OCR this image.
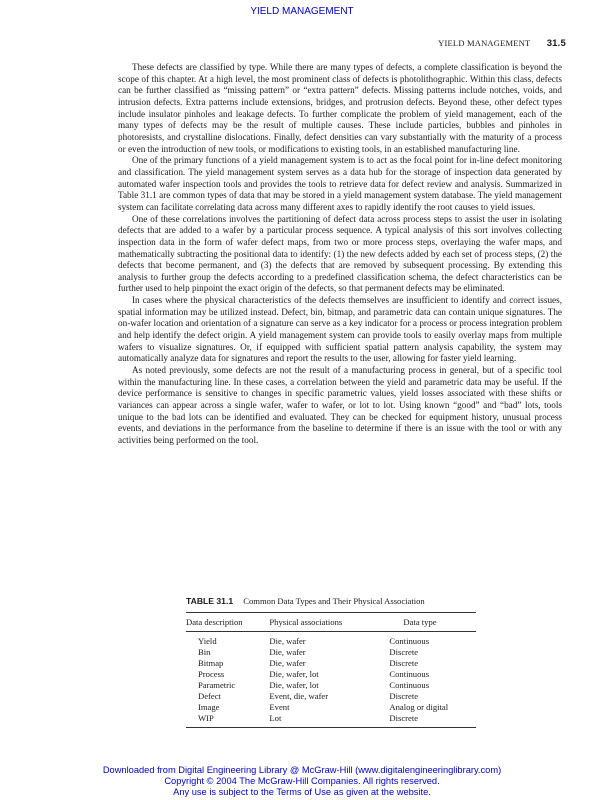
YIELD MANAGEMENT
YIELD MANAGEMENT 31.5

These defects are classified by type. While there are many types of defects, a complete classification is beyond the scope of this chapter. At a high level, the most prominent class of defects is photolithographic. Within this class, defects can be further classified as “missing pattern” or “extra pattern” defects. Missing patterns include notches, voids, and intrusion defects. Extra patterns include extensions, bridges, and protrusion defects. Beyond these, other defect types include insulator pinholes and leakage defects. To further complicate the problem of yield management, each of the many types of defects may be the result of multiple causes. These include particles, bubbles and pinholes in photoresists, and crystalline dislocations. Finally, defect densities can vary substantially with the maturity of a process or even the introduction of new tools, or modifications to existing tools, in an established manufacturing line.

One of the primary functions of a yield management system is to act as the focal point for in-line defect monitoring and classification. The yield management system serves as a data hub for the storage of inspection data generated by automated wafer inspection tools and provides the tools to retrieve data for defect review and analysis. Summarized in Table 31.1 are common types of data that may be stored in a yield management system database. The yield management system can facilitate correlating data across many different axes to rapidly identify the root causes to yield issues.

One of these correlations involves the partitioning of defect data across process steps to assist the user in isolating defects that are added to a wafer by a particular process sequence. A typical analysis of this sort involves collecting inspection data in the form of wafer defect maps, from two or more process steps, overlaying the wafer maps, and mathematically subtracting the positional data to identify: (1) the new defects added by each set of process steps, (2) the defects that become permanent, and (3) the defects that are removed by subsequent processing. By extending this analysis to further group the defects according to a predefined classification schema, the defect characteristics can be further used to help pinpoint the exact origin of the defects, so that permanent defects may be eliminated.

In cases where the physical characteristics of the defects themselves are insufficient to identify and correct issues, spatial information may be utilized instead. Defect, bin, bitmap, and parametric data can contain unique signatures. The on-wafer location and orientation of a signature can serve as a key indicator for a process or process integration problem and help identify the defect origin. A yield management system can provide tools to easily overlay maps from multiple wafers to visualize signatures. Or, if equipped with sufficient spatial pattern analysis capability, the system may automatically analyze data for signatures and report the results to the user, allowing for faster yield learning.

As noted previously, some defects are not the result of a manufacturing process in general, but of a specific tool within the manufacturing line. In these cases, a correlation between the yield and parametric data may be useful. If the device performance is sensitive to changes in specific parametric values, yield losses associated with these shifts or variances can appear across a single wafer, wafer to wafer, or lot to lot. Using known “good” and “bad” lots, tools unique to the bad lots can be identified and evaluated. They can be checked for equipment history, unusual process events, and deviations in the performance from the baseline to determine if there is an issue with the tool or with any activities being performed on the tool.

TABLE 31.1 Common Data Types and Their Physical Association
Data description	Physical associations	Data type
Yield	Die, wafer	Continuous
Bin	Die, wafer	Discrete
Bitmap	Die, wafer	Discrete
Process	Die, wafer, lot	Continuous
Parametric	Die, wafer, lot	Continuous
Defect	Event, die, wafer	Discrete
Image	Event	Analog or digital
WIP	Lot	Discrete
Downloaded from Digital Engineering Library @ McGraw-Hill (www.digitalengineeringlibrary.com)
Copyright © 2004 The McGraw-Hill Companies. All rights reserved.
Any use is subject to the Terms of Use as given at the website.
